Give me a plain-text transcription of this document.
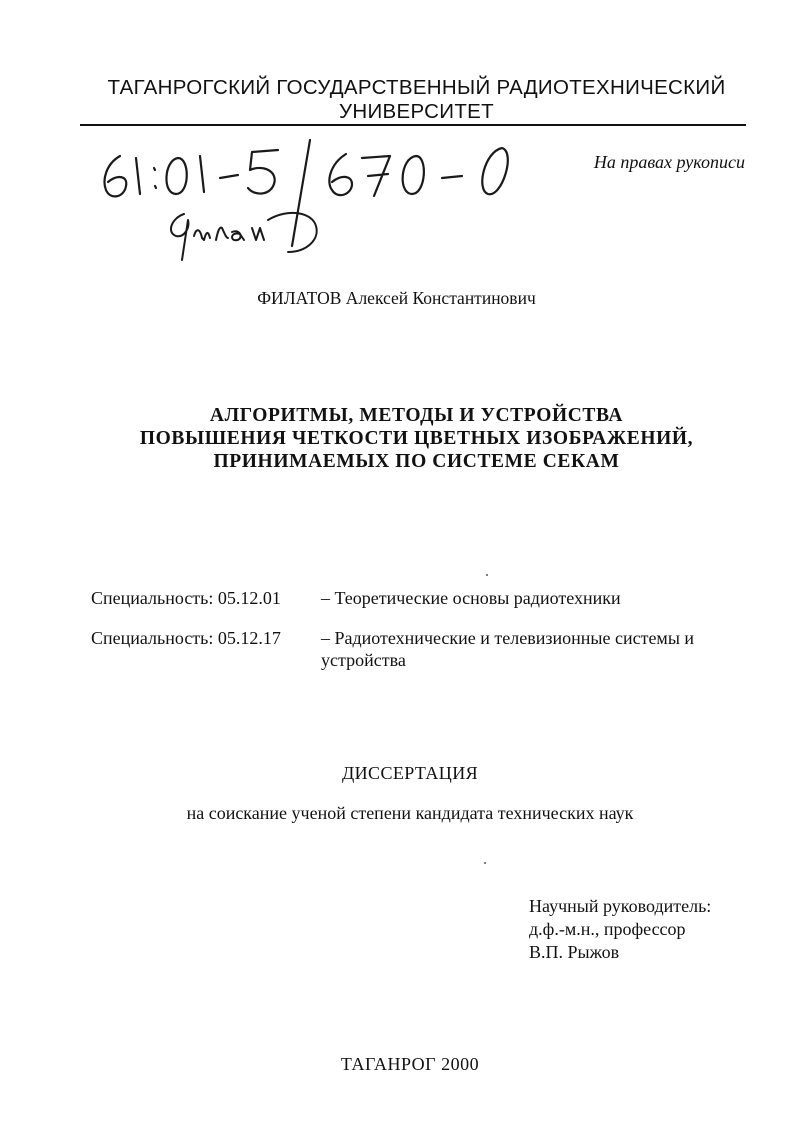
ТАГАНРОГСКИЙ ГОСУДАРСТВЕННЫЙ РАДИОТЕХНИЧЕСКИЙ
УНИВЕРСИТЕТ
На правах рукописи
ФИЛАТОВ Алексей Константинович
АЛГОРИТМЫ, МЕТОДЫ И УСТРОЙСТВА
ПОВЫШЕНИЯ ЧЕТКОСТИ ЦВЕТНЫХ ИЗОБРАЖЕНИЙ,
ПРИНИМАЕМЫХ ПО СИСТЕМЕ СЕКАМ
Специальность: 05.12.01 – Теоретические основы радиотехники
Специальность: 05.12.17 – Радиотехнические и телевизионные системы и устройства
ДИССЕРТАЦИЯ
на соискание ученой степени кандидата технических наук
Научный руководитель:
д.ф.-м.н., профессор
В.П. Рыжов
ТАГАНРОГ 2000
